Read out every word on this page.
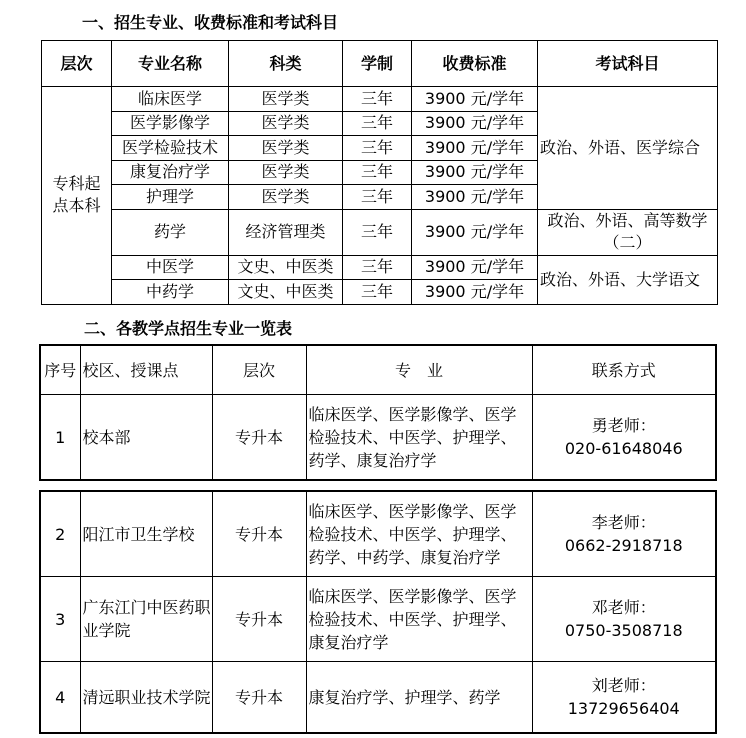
一、招生专业、收费标准和考试科目
层次	专业名称	科类	学制	收费标准	考试科目
专科起点本科	临床医学	医学类	三年	3900 元/学年	政治、外语、医学综合
	医学影像学	医学类	三年	3900 元/学年	
	医学检验技术	医学类	三年	3900 元/学年	
	康复治疗学	医学类	三年	3900 元/学年	
	护理学	医学类	三年	3900 元/学年	
	药学	经济管理类	三年	3900 元/学年	政治、外语、高等数学（二）
	中医学	文史、中医类	三年	3900 元/学年	政治、外语、大学语文
	中药学	文史、中医类	三年	3900 元/学年	
二、各教学点招生专业一览表
序号	校区、授课点	层次	专　业	联系方式
1	校本部	专升本	临床医学、医学影像学、医学检验技术、中医学、护理学、药学、康复治疗学	勇老师：
020-61648046
2	阳江市卫生学校	专升本	临床医学、医学影像学、医学检验技术、中医学、护理学、药学、中药学、康复治疗学	李老师：
0662-2918718

3	广东江门中医药职业学院	专升本	临床医学、医学影像学、医学检验技术、中医学、护理学、康复治疗学	邓老师：
0750-3508718

4	清远职业技术学院	专升本	康复治疗学、护理学、药学	刘老师：
13729656404
